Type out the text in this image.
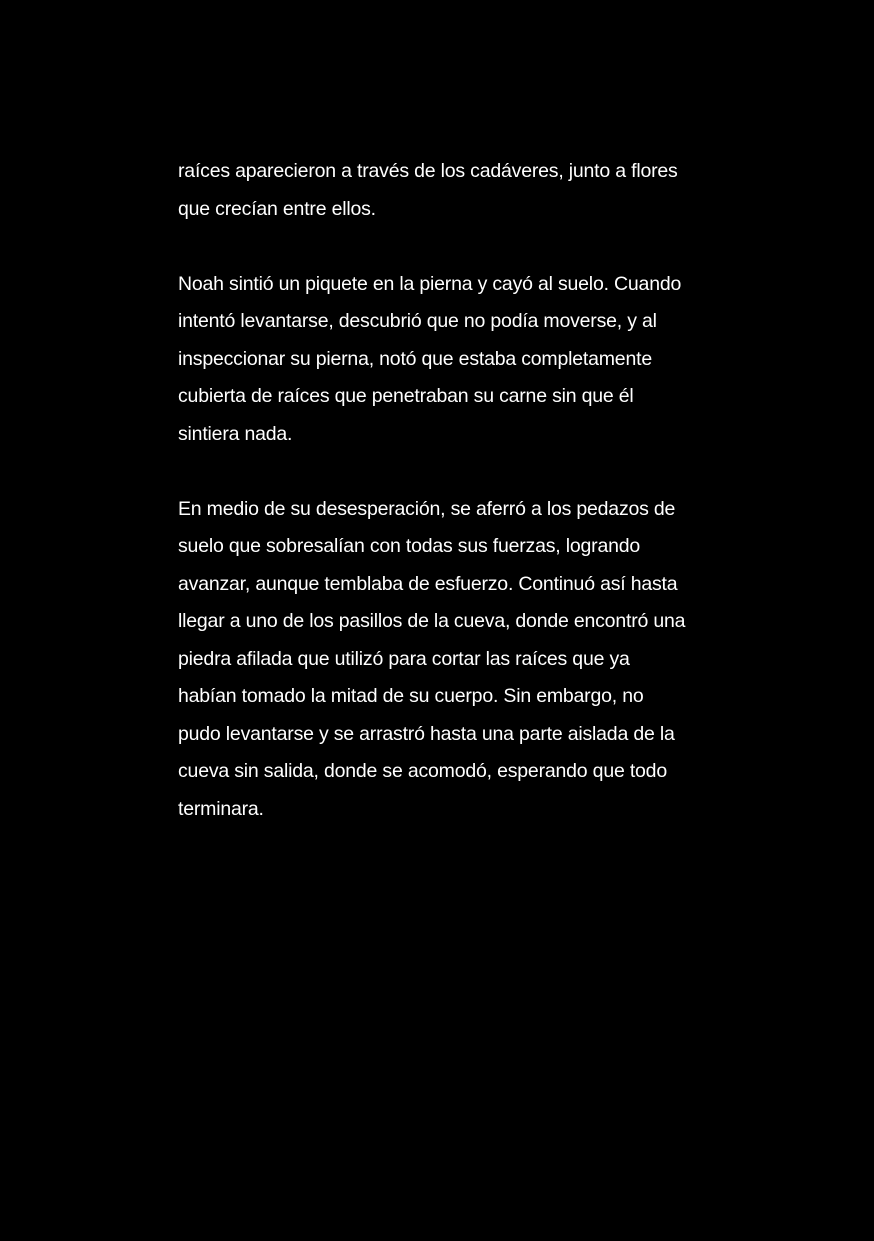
raíces aparecieron a través de los cadáveres, junto a flores
que crecían entre ellos.

Noah sintió un piquete en la pierna y cayó al suelo. Cuando
intentó levantarse, descubrió que no podía moverse, y al
inspeccionar su pierna, notó que estaba completamente
cubierta de raíces que penetraban su carne sin que él
sintiera nada.

En medio de su desesperación, se aferró a los pedazos de
suelo que sobresalían con todas sus fuerzas, logrando
avanzar, aunque temblaba de esfuerzo. Continuó así hasta
llegar a uno de los pasillos de la cueva, donde encontró una
piedra afilada que utilizó para cortar las raíces que ya
habían tomado la mitad de su cuerpo. Sin embargo, no
pudo levantarse y se arrastró hasta una parte aislada de la
cueva sin salida, donde se acomodó, esperando que todo
terminara.
